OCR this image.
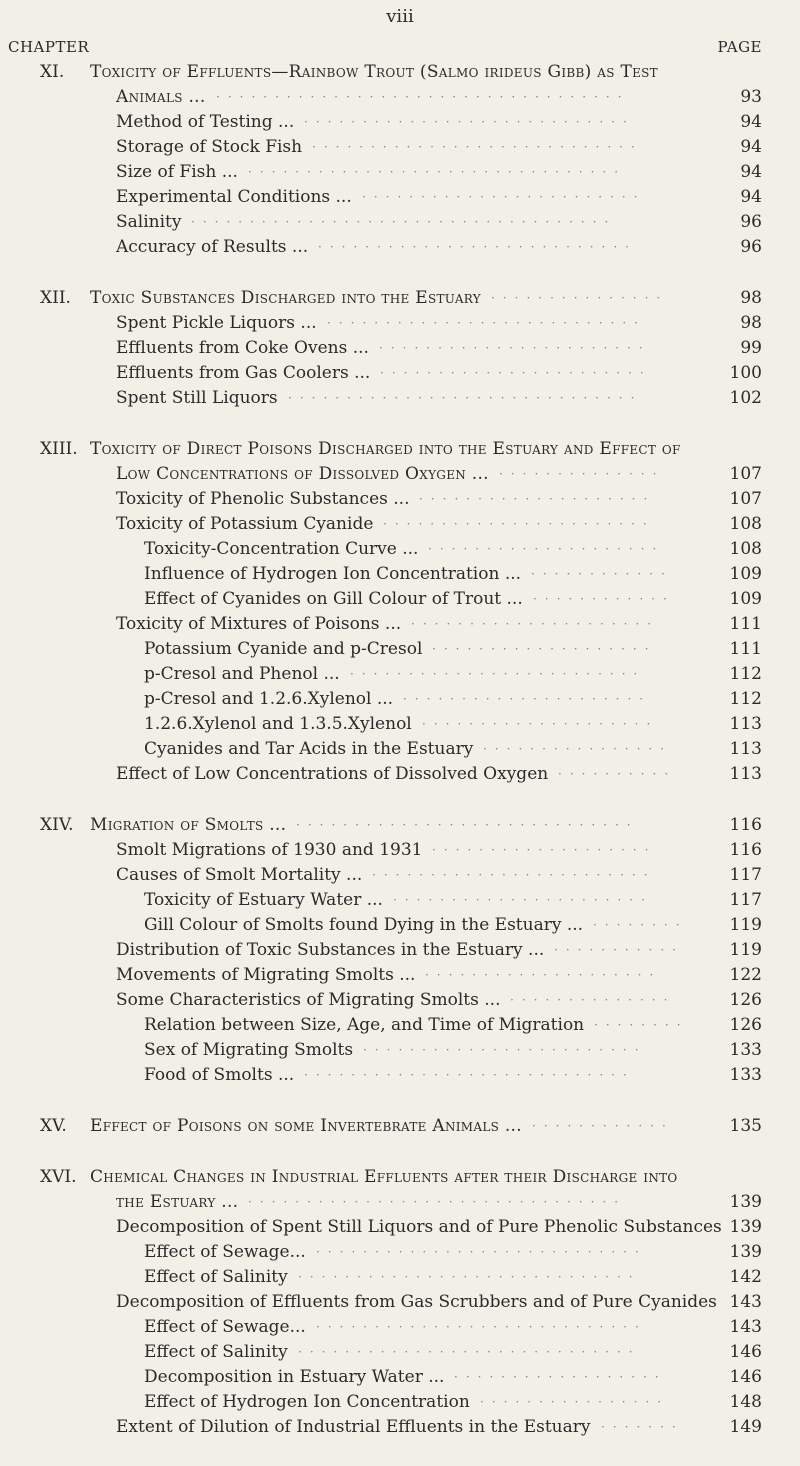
viii
CHAPTER	PAGE
XI.	Toxicity of Effluents—Rainbow Trout (Salmo irideus Gibb) as Test
Animals ...	93
···································
Method of Testing ...	94
····························
Storage of Stock Fish	94
····························
Size of Fish ...	94
································
Experimental Conditions ...	94
························
Salinity	96
····································
Accuracy of Results ...	96
···························
XII.	Toxic Substances Discharged into the Estuary	98
···············
Spent Pickle Liquors ...	98
···························
Effluents from Coke Ovens ...	99
·······················
Effluents from Gas Coolers ...	100
·······················
Spent Still Liquors	102
······························
XIII. Toxicity of Direct Poisons Discharged into the Estuary and Effect of
Low Concentrations of Dissolved Oxygen ...	107
··············
Toxicity of Phenolic Substances ...	107
····················
Toxicity of Potassium Cyanide	108
·······················
Toxicity-Concentration Curve ...	108
····················
Influence of Hydrogen Ion Concentration ...	109
············
Effect of Cyanides on Gill Colour of Trout ...	109
············
Toxicity of Mixtures of Poisons ...	111
·····················
Potassium Cyanide and p-Cresol	111
···················
p-Cresol and Phenol ...	112
·························
p-Cresol and 1.2.6.Xylenol ...	112
·····················
1.2.6.Xylenol and 1.3.5.Xylenol	113
····················
Cyanides and Tar Acids in the Estuary	113
················
Effect of Low Concentrations of Dissolved Oxygen	113
··········
XIV. Migration of Smolts ...	116
·····························
Smolt Migrations of 1930 and 1931	116
···················
Causes of Smolt Mortality ...	117
························
Toxicity of Estuary Water ...	117
······················
Gill Colour of Smolts found Dying in the Estuary ...	119
········
Distribution of Toxic Substances in the Estuary ...	119
···········
Movements of Migrating Smolts ...	122
····················
Some Characteristics of Migrating Smolts ...	126
··············
Relation between Size, Age, and Time of Migration	126
········
Sex of Migrating Smolts	133
························
Food of Smolts ...	133
····························
XV.	Effect of Poisons on some Invertebrate Animals ...	135
············
XVI. Chemical Changes in Industrial Effluents after their Discharge into
the Estuary ...	139
································
Decomposition of Spent Still Liquors and of Pure Phenolic Substances 139
Effect of Sewage...	139
····························
Effect of Salinity	142
·····························
Decomposition of Effluents from Gas Scrubbers and of Pure Cyanides 143
Effect of Sewage...	143
····························
Effect of Salinity	146
·····························
Decomposition in Estuary Water ...	146
··················
Effect of Hydrogen Ion Concentration	148
················
Extent of Dilution of Industrial Effluents in the Estuary	149
·······
